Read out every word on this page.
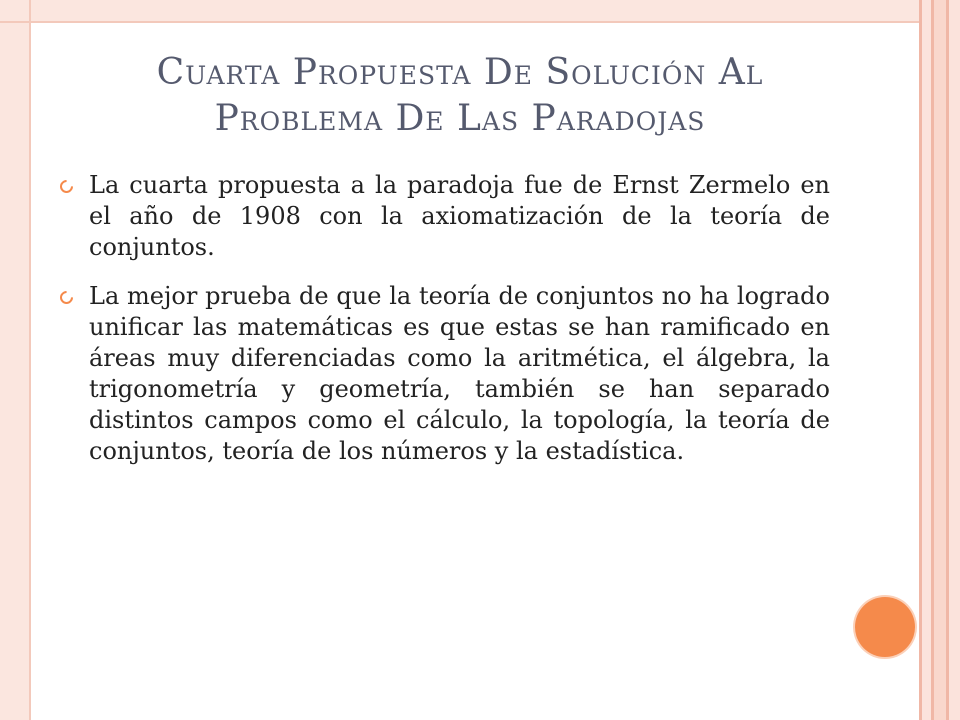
Cuarta Propuesta De Solución Al
Problema De Las Paradojas
La cuarta propuesta a la paradoja fue de Ernst Zermelo en el año de 1908 con la axiomatización de la teoría de conjuntos.
La mejor prueba de que la teoría de conjuntos no ha logrado unificar las matemáticas es que estas se han ramificado en áreas muy diferenciadas como la aritmética, el álgebra, la trigonometría y geometría, también se han separado distintos campos como el cálculo, la topología, la teoría de conjuntos, teoría de los números y la estadística.
